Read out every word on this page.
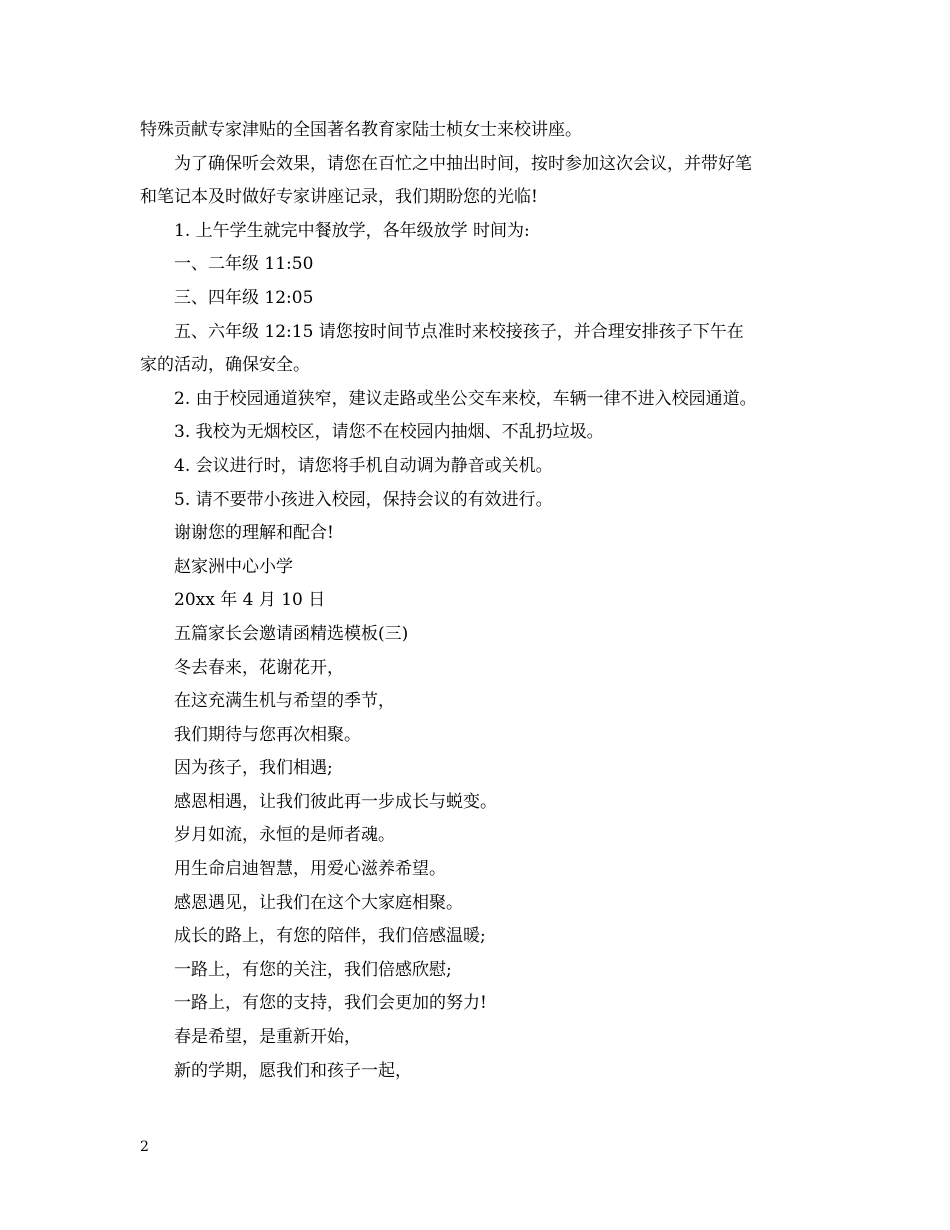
特殊贡献专家津贴的全国著名教育家陆士桢女士来校讲座。

为了确保听会效果，请您在百忙之中抽出时间，按时参加这次会议，并带好笔

和笔记本及时做好专家讲座记录，我们期盼您的光临!

1. 上午学生就完中餐放学，各年级放学 时间为:

一、二年级 11:50

三、四年级 12:05

五、六年级 12:15 请您按时间节点准时来校接孩子，并合理安排孩子下午在

家的活动，确保安全。

2. 由于校园通道狭窄，建议走路或坐公交车来校，车辆一律不进入校园通道。

3. 我校为无烟校区，请您不在校园内抽烟、不乱扔垃圾。

4. 会议进行时，请您将手机自动调为静音或关机。

5. 请不要带小孩进入校园，保持会议的有效进行。

谢谢您的理解和配合!

赵家洲中心小学

20xx 年 4 月 10 日

五篇家长会邀请函精选模板(三)

冬去春来，花谢花开，

在这充满生机与希望的季节，

我们期待与您再次相聚。

因为孩子，我们相遇;

感恩相遇，让我们彼此再一步成长与蜕变。

岁月如流，永恒的是师者魂。

用生命启迪智慧，用爱心滋养希望。

感恩遇见，让我们在这个大家庭相聚。

成长的路上，有您的陪伴，我们倍感温暖;

一路上，有您的关注，我们倍感欣慰;

一路上，有您的支持，我们会更加的努力!

春是希望，是重新开始，

新的学期，愿我们和孩子一起，

2
